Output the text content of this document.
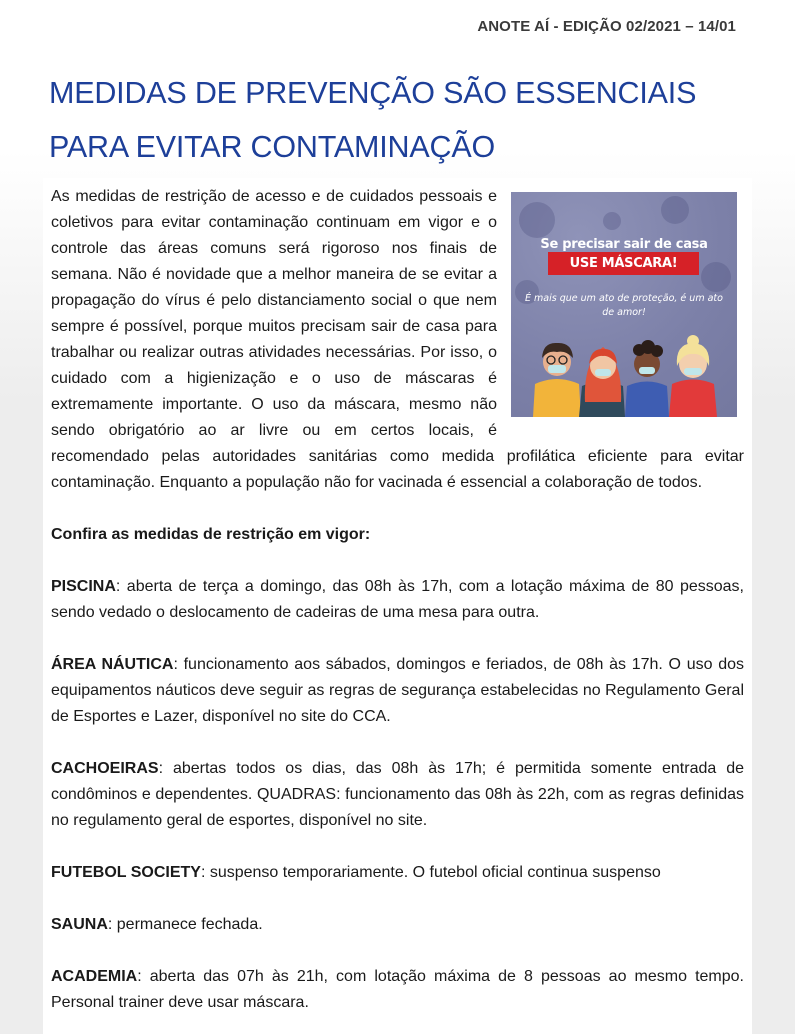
ANOTE AÍ - EDIÇÃO 02/2021 – 14/01
MEDIDAS DE PREVENÇÃO SÃO ESSENCIAIS PARA EVITAR CONTAMINAÇÃO
Se precisar sair de casa
USE MÁSCARA!
É mais que um ato de proteção, é um ato de amor!

As medidas de restrição de acesso e de cuidados pessoais e coletivos para evitar contaminação continuam em vigor e o controle das áreas comuns será rigoroso nos finais de semana. Não é novidade que a melhor maneira de se evitar a propagação do vírus é pelo distanciamento social o que nem sempre é possível, porque muitos precisam sair de casa para trabalhar ou realizar outras atividades necessárias. Por isso, o cuidado com a higienização e o uso de máscaras é extremamente importante. O uso da máscara, mesmo não sendo obrigatório ao ar livre ou em certos locais, é recomendado pelas autoridades sanitárias como medida profilática eficiente para evitar contaminação. Enquanto a população não for vacinada é essencial a colaboração de todos.

Confira as medidas de restrição em vigor:

PISCINA: aberta de terça a domingo, das 08h às 17h, com a lotação máxima de 80 pessoas, sendo vedado o deslocamento de cadeiras de uma mesa para outra.

ÁREA NÁUTICA: funcionamento aos sábados, domingos e feriados, de 08h às 17h. O uso dos equipamentos náuticos deve seguir as regras de segurança estabelecidas no Regulamento Geral de Esportes e Lazer, disponível no site do CCA.

CACHOEIRAS: abertas todos os dias, das 08h às 17h; é permitida somente entrada de condôminos e dependentes. QUADRAS: funcionamento das 08h às 22h, com as regras definidas no regulamento geral de esportes, disponível no site.

FUTEBOL SOCIETY: suspenso temporariamente. O futebol oficial continua suspenso

SAUNA: permanece fechada.

ACADEMIA: aberta das 07h às 21h, com lotação máxima de 8 pessoas ao mesmo tempo. Personal trainer deve usar máscara.
